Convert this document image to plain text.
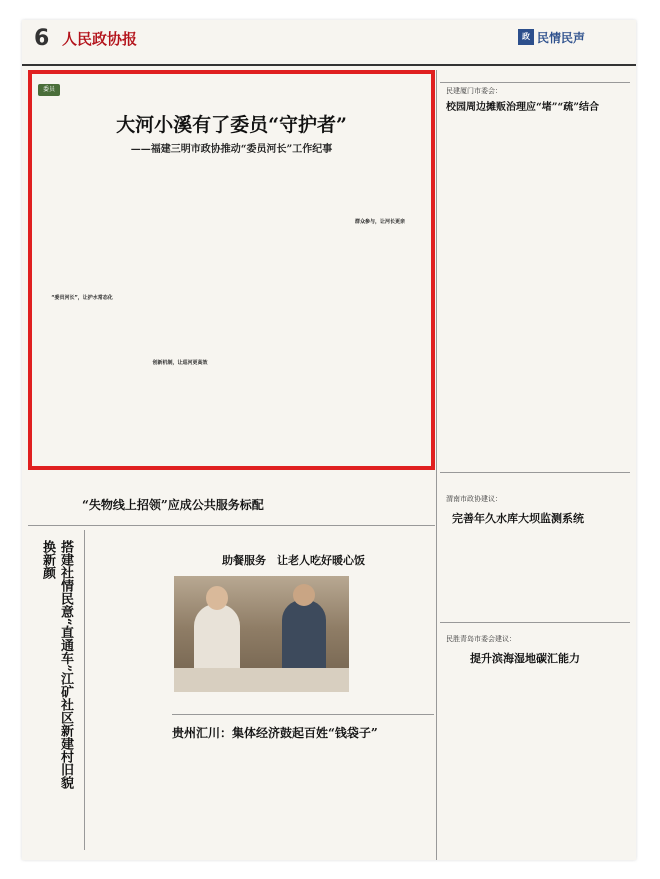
6 人民政协报	政 民情民声
委员
大河小溪有了委员“守护者”
——福建三明市政协推动“委员河长”工作纪事
“委员河长”，让护水常态化
创新机制，让巡河更高效
群众参与，让河长更亲
民建厦门市委会：
校园周边摊贩治理应“堵”“疏”结合
渭南市政协建议：
完善年久水库大坝监测系统
民胜青岛市委会建议：
提升滨海湿地碳汇能力
“失物线上招领”应成公共服务标配
搭建社情民意“直通车”江矿社区新建村旧貌换新颜	助餐服务　让老人吃好暖心饭
贵州汇川：集体经济鼓起百姓“钱袋子”
